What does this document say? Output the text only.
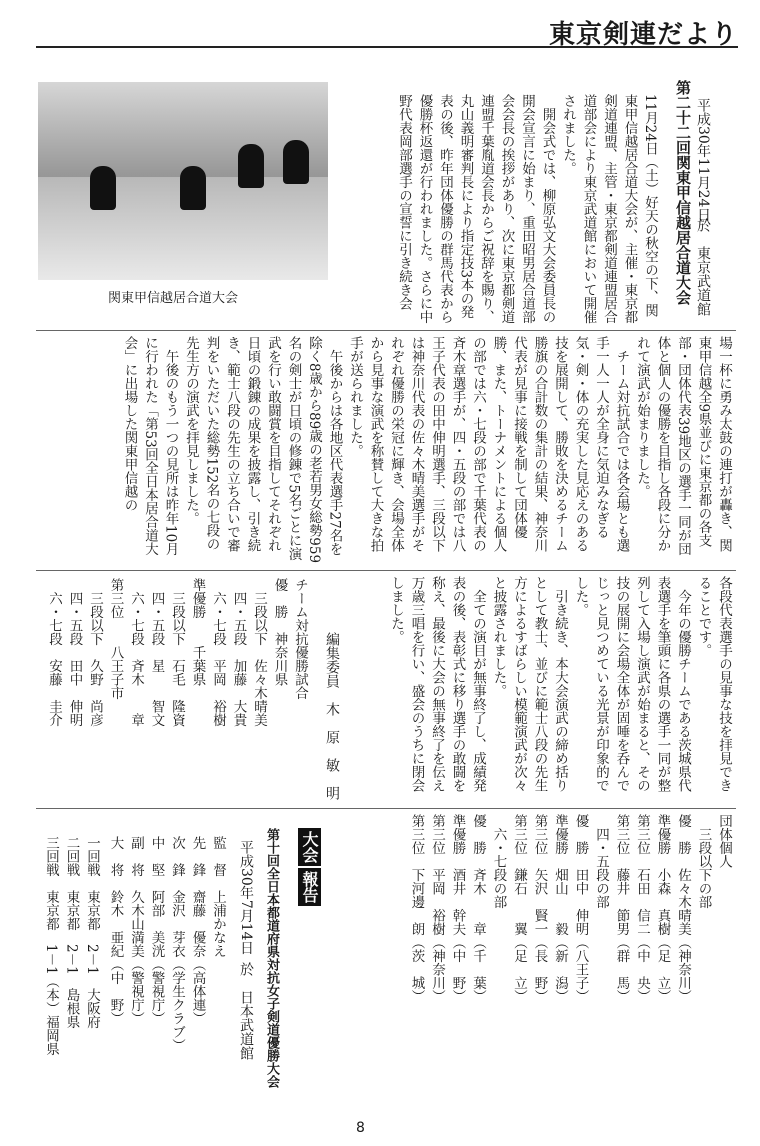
東京剣連だより
第二十二回関東甲信越居合道大会 平成30年11月24日
於　東京武道館
11月24日（土）好天の秋空の下、関東甲信越居合道大会が、主催・東京都剣道連盟、主管・東京都剣道連盟居合道部会により東京武道館において開催されました。
　開会式では、柳原弘文大会委員長の開会宣言に始まり、重田昭男居合道部会会長の挨拶があり、次に東京都剣道連盟千葉胤道会長からご祝辞を賜り、丸山義明審判長により指定技3本の発表の後、昨年団体優勝の群馬代表から優勝杯返還が行われました。さらに中野代表岡部選手の宣誓に引き続き会
関東甲信越居合道大会
場一杯に勇み太鼓の連打が轟き、関東甲信越全9県並びに東京都の各支部・団体代表39地区の選手一同が団体と個人の優勝を目指し各段に分かれて演武が始まりました。
　チーム対抗試合では各会場とも選手一人一人が全身に気迫みなぎる気・剣・体の充実した見応えのある技を展開して、勝敗を決めるチーム勝旗の合計数の集計の結果、神奈川代表が見事に接戦を制して団体優勝、また、トーナメントによる個人の部では六・七段の部で千葉代表の斉木章選手が、四・五段の部では八王子代表の田中伸明選手、三段以下は神奈川代表の佐々木晴美選手がそれぞれ優勝の栄冠に輝き、会場全体から見事な演武を称賛して大きな拍手が送られました。
　午後からは各地区代表選手27名を除く8歳から89歳の老若男女総勢959名の剣士が日頃の修錬で5名ごとに演武を行い敢闘賞を目指してそれぞれ日頃の鍛錬の成果を披露し、引き続き、範士八段の先生の立ち合いで審判をいただいた総勢152名の七段の先生方の演武を拝見しました。
　午後のもう一つの見所は昨年10月に行われた「第53回全日本居合道大会」に出場した関東甲信越の
各段代表選手の見事な技を拝見できることです。
　今年の優勝チームである茨城県代表選手を筆頭に各県の選手一同が整列して入場し演武が始まると、その技の展開に会場全体が固唾を呑んでじっと見つめている光景が印象的でした。
　引き続き、本大会演武の締め括りとして教士、並びに範士八段の先生方によるすばらしい模範演武が次々と披露されました。
　全ての演目が無事終了し、成績発表の後、表彰式に移り選手の敢闘を称え、最後に大会の無事終了を伝え万歳三唱を行い、盛会のうちに閉会しました。
編集委員　木　原　敏　明
チーム対抗優勝試合
優　勝　神奈川県
　三段以下　佐々木晴美
　四・五段　加藤　大貴
　六・七段　平岡　裕樹
準優勝　　千葉県
　三段以下　石毛　隆資
　四・五段　星　　智文
　六・七段　斉木　　章
第三位　　八王子市
　三段以下　久野　尚彦
　四・五段　田中　伸明
　六・七段　安藤　圭介
団体個人
　三段以下の部
優　勝　佐々木晴美（神奈川）
準優勝　小森　真樹（足　立）
第三位　石田　信二（中　央）
第三位　藤井　節男（群　馬）
　四・五段の部
優　勝　田中　伸明（八王子）
準優勝　畑山　　毅（新　潟）
第三位　矢沢　賢一（長　野）
第三位　鎌石　　翼（足　立）
　六・七段の部
優　勝　斉木　　章（千　葉）
準優勝　酒井　幹夫（中　野）
第三位　平岡　裕樹（神奈川）
第三位　下河邊　朗（茨　城）
大会
報告
第十回全日本都道府県対抗女子剣道優勝大会
平成30年7月14日
於　日本武道館
監　督　上浦かなえ
先　鋒　齋藤　優奈（高体連）
次　鋒　金沢　芽衣（学生クラブ）
中　堅　阿部　美洸（警視庁）
副　将　久木山満美（警視庁）
大　将　鈴木　亜紀（中　野）
一回戦　東京都　2－1　大阪府
二回戦　東京都　2－1　島根県
三回戦　東京都　1－1（本）福岡県
8
